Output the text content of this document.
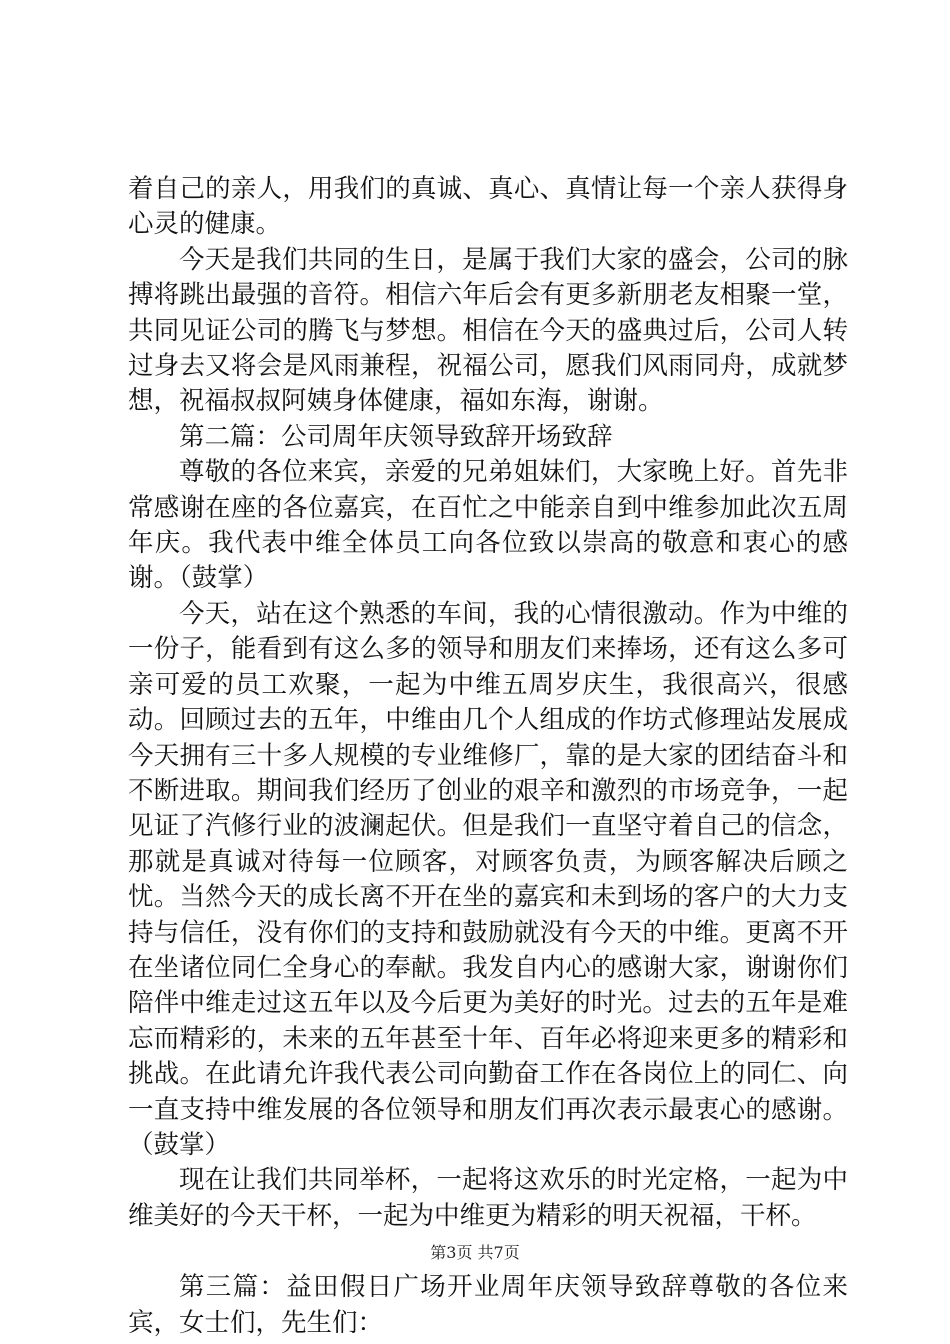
着自己的亲人，用我们的真诚、真心、真情让每一个亲人获得身心灵的健康。

今天是我们共同的生日，是属于我们大家的盛会，公司的脉搏将跳出最强的音符。相信六年后会有更多新朋老友相聚一堂，共同见证公司的腾飞与梦想。相信在今天的盛典过后，公司人转过身去又将会是风雨兼程，祝福公司，愿我们风雨同舟，成就梦想，祝福叔叔阿姨身体健康，福如东海，谢谢。

第二篇：公司周年庆领导致辞开场致辞

尊敬的各位来宾，亲爱的兄弟姐妹们，大家晚上好。首先非常感谢在座的各位嘉宾，在百忙之中能亲自到中维参加此次五周年庆。我代表中维全体员工向各位致以崇高的敬意和衷心的感谢。（鼓掌）

今天，站在这个熟悉的车间，我的心情很激动。作为中维的一份子，能看到有这么多的领导和朋友们来捧场，还有这么多可亲可爱的员工欢聚，一起为中维五周岁庆生，我很高兴，很感动。回顾过去的五年，中维由几个人组成的作坊式修理站发展成今天拥有三十多人规模的专业维修厂，靠的是大家的团结奋斗和不断进取。期间我们经历了创业的艰辛和激烈的市场竞争，一起见证了汽修行业的波澜起伏。但是我们一直坚守着自己的信念，那就是真诚对待每一位顾客，对顾客负责，为顾客解决后顾之忧。当然今天的成长离不开在坐的嘉宾和未到场的客户的大力支持与信任，没有你们的支持和鼓励就没有今天的中维。更离不开在坐诸位同仁全身心的奉献。我发自内心的感谢大家，谢谢你们陪伴中维走过这五年以及今后更为美好的时光。过去的五年是难忘而精彩的，未来的五年甚至十年、百年必将迎来更多的精彩和挑战。在此请允许我代表公司向勤奋工作在各岗位上的同仁、向一直支持中维发展的各位领导和朋友们再次表示最衷心的感谢。（鼓掌）

现在让我们共同举杯，一起将这欢乐的时光定格，一起为中维美好的今天干杯，一起为中维更为精彩的明天祝福，干杯。

第三篇：益田假日广场开业周年庆领导致辞尊敬的各位来宾，女士们，先生们：

第3页 共7页
